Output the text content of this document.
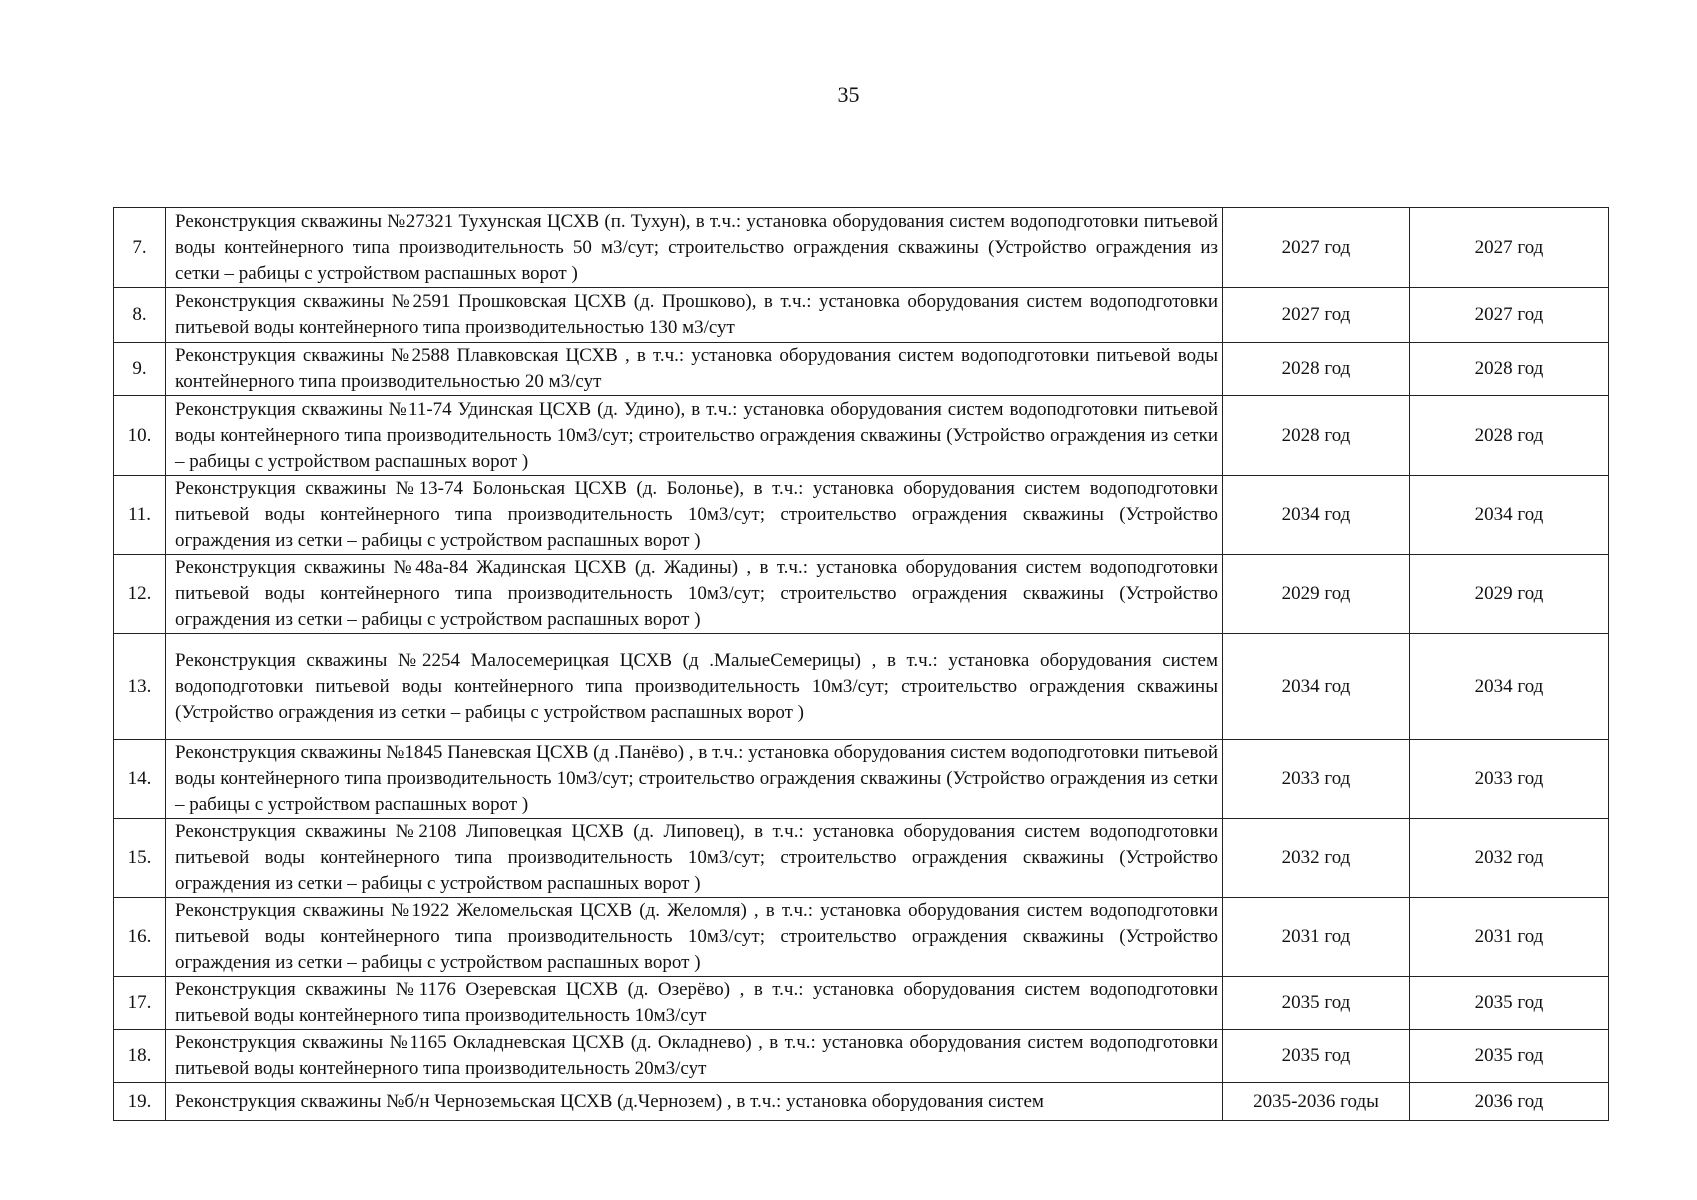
35
7.	Реконструкция скважины №27321 Тухунская ЦСХВ (п. Тухун), в т.ч.: установка оборудования систем водоподготовки питьевой воды контейнерного типа производительность 50 м3/сут; строительство ограждения скважины (Устройство ограждения из сетки – рабицы с устройством распашных ворот )	2027 год	2027 год
8.	Реконструкция скважины №2591 Прошковская ЦСХВ (д. Прошково), в т.ч.: установка оборудования систем водоподготовки питьевой воды контейнерного типа производительностью 130 м3/сут	2027 год	2027 год
9.	Реконструкция скважины №2588 Плавковская ЦСХВ , в т.ч.: установка оборудования систем водоподготовки питьевой воды контейнерного типа производительностью 20 м3/сут	2028 год	2028 год
10.	Реконструкция скважины №11-74 Удинская ЦСХВ (д. Удино), в т.ч.: установка оборудования систем водоподготовки питьевой воды контейнерного типа производительность 10м3/сут; строительство ограждения скважины (Устройство ограждения из сетки – рабицы с устройством распашных ворот )	2028 год	2028 год
11.	Реконструкция скважины №13-74 Болоньская ЦСХВ (д. Болонье), в т.ч.: установка оборудования систем водоподготовки питьевой воды контейнерного типа производительность 10м3/сут; строительство ограждения скважины (Устройство ограждения из сетки – рабицы с устройством распашных ворот )	2034 год	2034 год
12.	Реконструкция скважины №48а-84 Жадинская ЦСХВ (д. Жадины) , в т.ч.: установка оборудования систем водоподготовки питьевой воды контейнерного типа производительность 10м3/сут; строительство ограждения скважины (Устройство ограждения из сетки – рабицы с устройством распашных ворот )	2029 год	2029 год
13.	Реконструкция скважины №2254 Малосемерицкая ЦСХВ (д .МалыеСемерицы) , в т.ч.: установка оборудования систем водоподготовки питьевой воды контейнерного типа производительность 10м3/сут; строительство ограждения скважины (Устройство ограждения из сетки – рабицы с устройством распашных ворот )	2034 год	2034 год
14.	Реконструкция скважины №1845 Паневская ЦСХВ (д .Панёво) , в т.ч.: установка оборудования систем водоподготовки питьевой воды контейнерного типа производительность 10м3/сут; строительство ограждения скважины (Устройство ограждения из сетки – рабицы с устройством распашных ворот )	2033 год	2033 год
15.	Реконструкция скважины №2108 Липовецкая ЦСХВ (д. Липовец), в т.ч.: установка оборудования систем водоподготовки питьевой воды контейнерного типа производительность 10м3/сут; строительство ограждения скважины (Устройство ограждения из сетки – рабицы с устройством распашных ворот )	2032 год	2032 год
16.	Реконструкция скважины №1922 Желомельская ЦСХВ (д. Желомля) , в т.ч.: установка оборудования систем водоподготовки питьевой воды контейнерного типа производительность 10м3/сут; строительство ограждения скважины (Устройство ограждения из сетки – рабицы с устройством распашных ворот )	2031 год	2031 год
17.	Реконструкция скважины №1176 Озеревская ЦСХВ (д. Озерёво) , в т.ч.: установка оборудования систем водоподготовки питьевой воды контейнерного типа производительность 10м3/сут	2035 год	2035 год
18.	Реконструкция скважины №1165 Окладневская ЦСХВ (д. Окладнево) , в т.ч.: установка оборудования систем водоподготовки питьевой воды контейнерного типа производительность 20м3/сут	2035 год	2035 год
19.	Реконструкция скважины №б/н Черноземьская ЦСХВ (д.Чернозем) , в т.ч.: установка оборудования систем	2035-2036 годы	2036 год
